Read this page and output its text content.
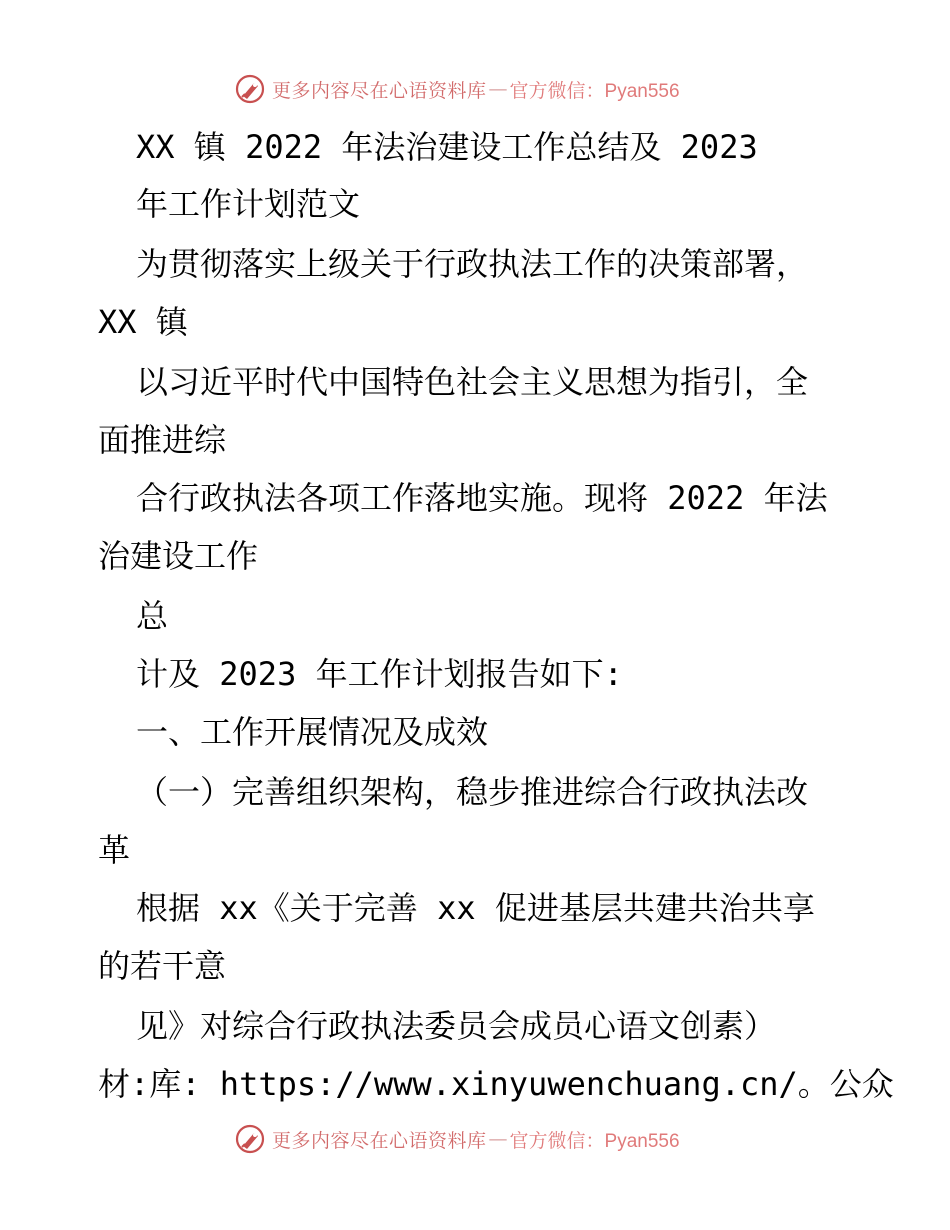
更多内容尽在心语资料库 — 官方微信：Pyan556
XX 镇 2022 年法治建设工作总结及 2023
年工作计划范文
为贯彻落实上级关于行政执法工作的决策部署，
XX 镇
以习近平时代中国特色社会主义思想为指引，全
面推进综
合行政执法各项工作落地实施。现将 2022 年法
治建设工作
总
计及 2023 年工作计划报告如下:
一、工作开展情况及成效
（一）完善组织架构，稳步推进综合行政执法改
革
根据 xx《关于完善 xx 促进基层共建共治共享
的若干意
见》对综合行政执法委员会成员心语文创素）
材:库: https://www.xinyuwenchuang.cn/。公众
更多内容尽在心语资料库 — 官方微信：Pyan556
